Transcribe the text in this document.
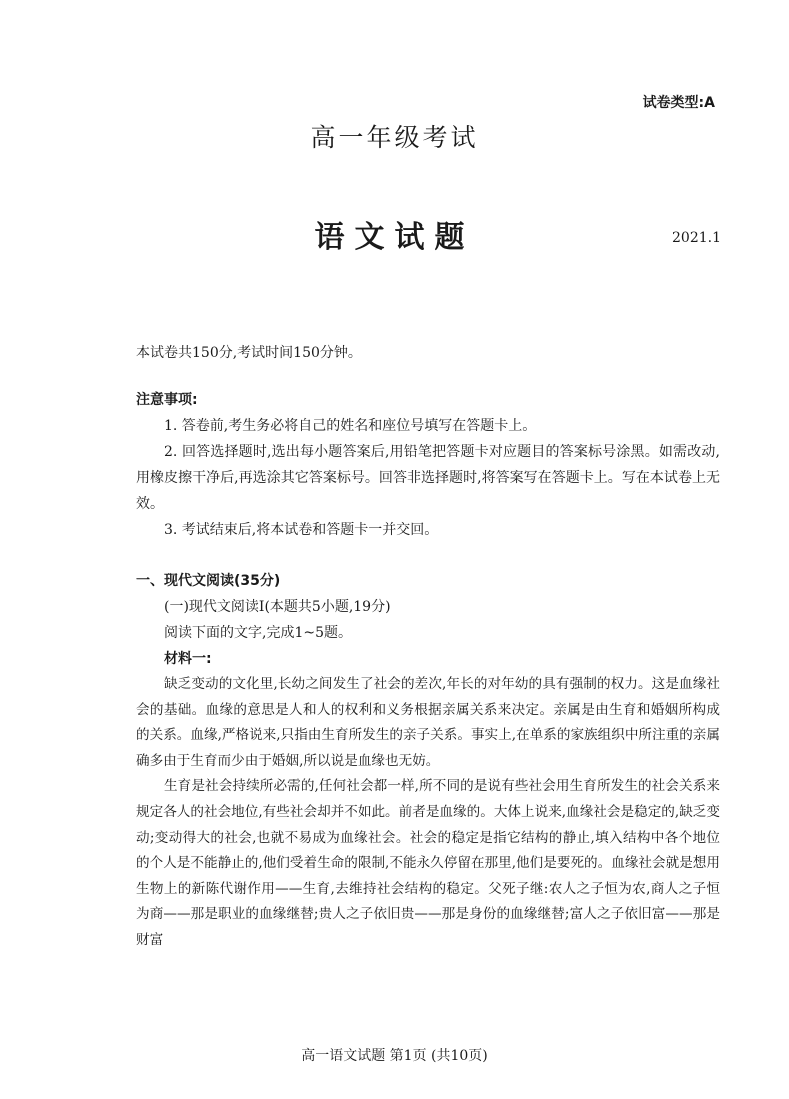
试卷类型:A
高一年级考试
语文试题	2021.1
本试卷共150分,考试时间150分钟。
注意事项:

1. 答卷前,考生务必将自己的姓名和座位号填写在答题卡上。

2. 回答选择题时,选出每小题答案后,用铅笔把答题卡对应题目的答案标号涂黑。如需改动,用橡皮擦干净后,再选涂其它答案标号。回答非选择题时,将答案写在答题卡上。写在本试卷上无效。

3. 考试结束后,将本试卷和答题卡一并交回。

一、现代文阅读(35分)
(一)现代文阅读Ⅰ(本题共5小题,19分)
阅读下面的文字,完成1~5题。
材料一:

缺乏变动的文化里,长幼之间发生了社会的差次,年长的对年幼的具有强制的权力。这是血缘社会的基础。血缘的意思是人和人的权利和义务根据亲属关系来决定。亲属是由生育和婚姻所构成的关系。血缘,严格说来,只指由生育所发生的亲子关系。事实上,在单系的家族组织中所注重的亲属确多由于生育而少由于婚姻,所以说是血缘也无妨。

生育是社会持续所必需的,任何社会都一样,所不同的是说有些社会用生育所发生的社会关系来规定各人的社会地位,有些社会却并不如此。前者是血缘的。大体上说来,血缘社会是稳定的,缺乏变动;变动得大的社会,也就不易成为血缘社会。社会的稳定是指它结构的静止,填入结构中各个地位的个人是不能静止的,他们受着生命的限制,不能永久停留在那里,他们是要死的。血缘社会就是想用生物上的新陈代谢作用——生育,去维持社会结构的稳定。父死子继:农人之子恒为农,商人之子恒为商——那是职业的血缘继替;贵人之子依旧贵——那是身份的血缘继替;富人之子依旧富——那是财富

高一语文试题 第1页 (共10页)
